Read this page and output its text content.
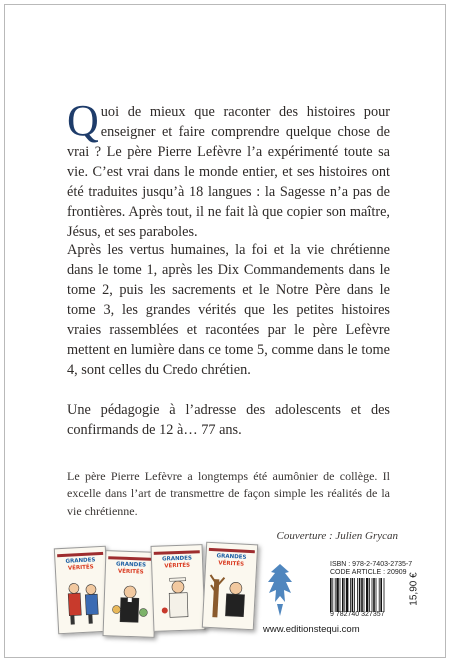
Quoi de mieux que raconter des histoires pour enseigner et faire comprendre quelque chose de vrai ? Le père Pierre Lefèvre l’a expérimenté toute sa vie. C’est vrai dans le monde entier, et ses histoires ont été traduites jusqu’à 18 langues : la Sagesse n’a pas de frontières. Après tout, il ne fait là que copier son maître, Jésus, et ses paraboles.

Après les vertus humaines, la foi et la vie chrétienne dans le tome 1, après les Dix Commandements dans le tome 2, puis les sacrements et le Notre Père dans le tome 3, les grandes vérités que les petites histoires vraies rassemblées et racontées par le père Lefèvre mettent en lumière dans ce tome 5, comme dans le tome 4, sont celles du Credo chrétien.

Une pédagogie à l’adresse des adolescents et des confirmands de 12 à… 77 ans.

Le père Pierre Lefèvre a longtemps été aumônier de collège. Il excelle dans l’art de transmettre de façon simple les réalités de la vie chrétienne.

Couverture : Julien Grycan

GRANDES
VÉRITÉS	GRANDES
VÉRITÉS
GRANDES
VÉRITÉS
GRANDES
VÉRITÉS	ISBN : 978-2-7403-2735-7
CODE ARTICLE : 20909
9 782740 327357
15,90 €
www.editionstequi.com
